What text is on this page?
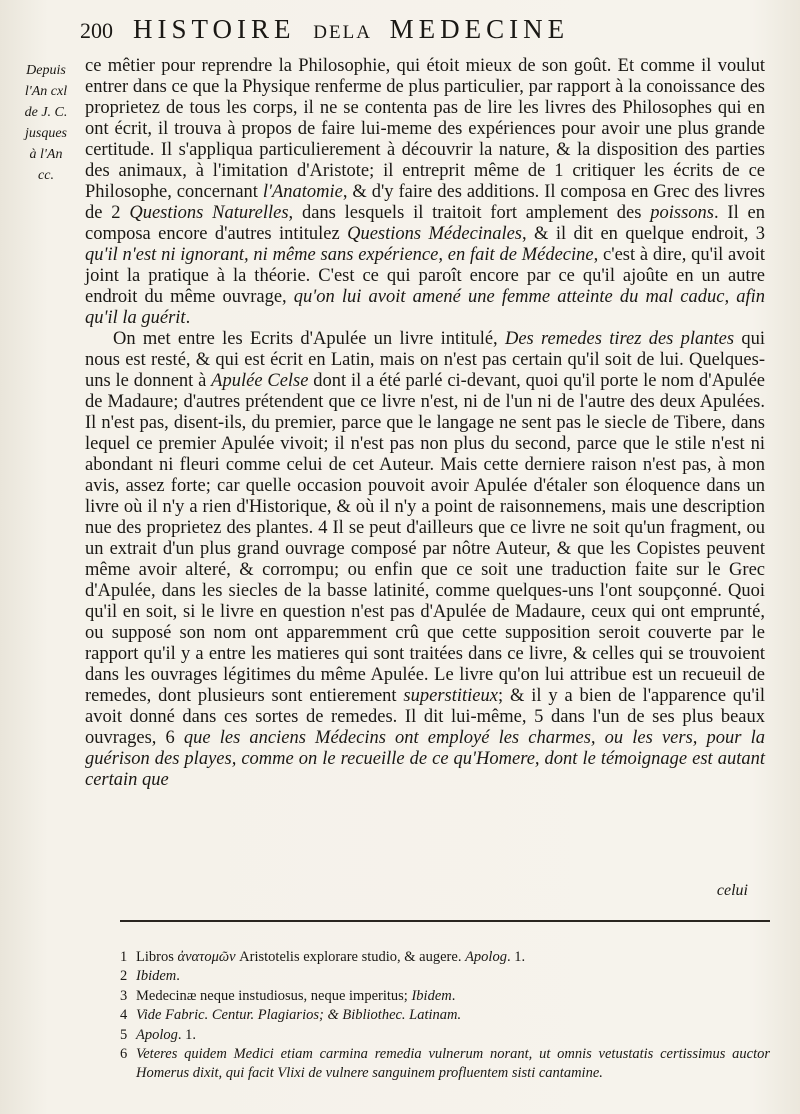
200 HISTOIRE DELA MEDECINE
Depuis
l'An cxl
de J. C.
jusques
à l'An
cc.

ce mêtier pour reprendre la Philosophie, qui étoit mieux de son goût. Et comme il voulut entrer dans ce que la Physique renferme de plus particulier, par rapport à la conoissance des proprietez de tous les corps, il ne se contenta pas de lire les livres des Philosophes qui en ont écrit, il trouva à propos de faire lui-meme des expériences pour avoir une plus grande certitude. Il s'appliqua particulierement à découvrir la nature, & la disposition des parties des animaux, à l'imitation d'Aristote; il entreprit même de 1 critiquer les écrits de ce Philosophe, concernant l'Anatomie, & d'y faire des additions. Il composa en Grec des livres de 2 Questions Naturelles, dans lesquels il traitoit fort amplement des poissons. Il en composa encore d'autres intitulez Questions Médecinales, & il dit en quelque endroit, 3 qu'il n'est ni ignorant, ni même sans expérience, en fait de Médecine, c'est à dire, qu'il avoit joint la pratique à la théorie. C'est ce qui paroît encore par ce qu'il ajoûte en un autre endroit du même ouvrage, qu'on lui avoit amené une femme atteinte du mal caduc, afin qu'il la guérit.

On met entre les Ecrits d'Apulée un livre intitulé, Des remedes tirez des plantes qui nous est resté, & qui est écrit en Latin, mais on n'est pas certain qu'il soit de lui. Quelques-uns le donnent à Apulée Celse dont il a été parlé ci-devant, quoi qu'il porte le nom d'Apulée de Madaure; d'autres prétendent que ce livre n'est, ni de l'un ni de l'autre des deux Apulées. Il n'est pas, disent-ils, du premier, parce que le langage ne sent pas le siecle de Tibere, dans lequel ce premier Apulée vivoit; il n'est pas non plus du second, parce que le stile n'est ni abondant ni fleuri comme celui de cet Auteur. Mais cette derniere raison n'est pas, à mon avis, assez forte; car quelle occasion pouvoit avoir Apulée d'étaler son éloquence dans un livre où il n'y a rien d'Historique, & où il n'y a point de raisonnemens, mais une description nue des proprietez des plantes. 4 Il se peut d'ailleurs que ce livre ne soit qu'un fragment, ou un extrait d'un plus grand ouvrage composé par nôtre Auteur, & que les Copistes peuvent même avoir alteré, & corrompu; ou enfin que ce soit une traduction faite sur le Grec d'Apulée, dans les siecles de la basse latinité, comme quelques-uns l'ont soupçonné. Quoi qu'il en soit, si le livre en question n'est pas d'Apulée de Madaure, ceux qui ont emprunté, ou supposé son nom ont apparemment crû que cette supposition seroit couverte par le rapport qu'il y a entre les matieres qui sont traitées dans ce livre, & celles qui se trouvoient dans les ouvrages légitimes du même Apulée. Le livre qu'on lui attribue est un recueuil de remedes, dont plusieurs sont entierement superstitieux; & il y a bien de l'apparence qu'il avoit donné dans ces sortes de remedes. Il dit lui-même, 5 dans l'un de ses plus beaux ouvrages, 6 que les anciens Médecins ont employé les charmes, ou les vers, pour la guérison des playes, comme on le recueille de ce qu'Homere, dont le témoignage est autant certain que

celui
1 Libros ἀνατομῶν Aristotelis explorare studio, & augere. Apolog. 1.
2 Ibidem.
3 Medecinæ neque instudiosus, neque imperitus; Ibidem.
4 Vide Fabric. Centur. Plagiarios; & Bibliothec. Latinam.
5 Apolog. 1.
6 Veteres quidem Medici etiam carmina remedia vulnerum norant, ut omnis vetustatis certissimus auctor Homerus dixit, qui facit Vlixi de vulnere sanguinem profluentem sisti cantamine.
